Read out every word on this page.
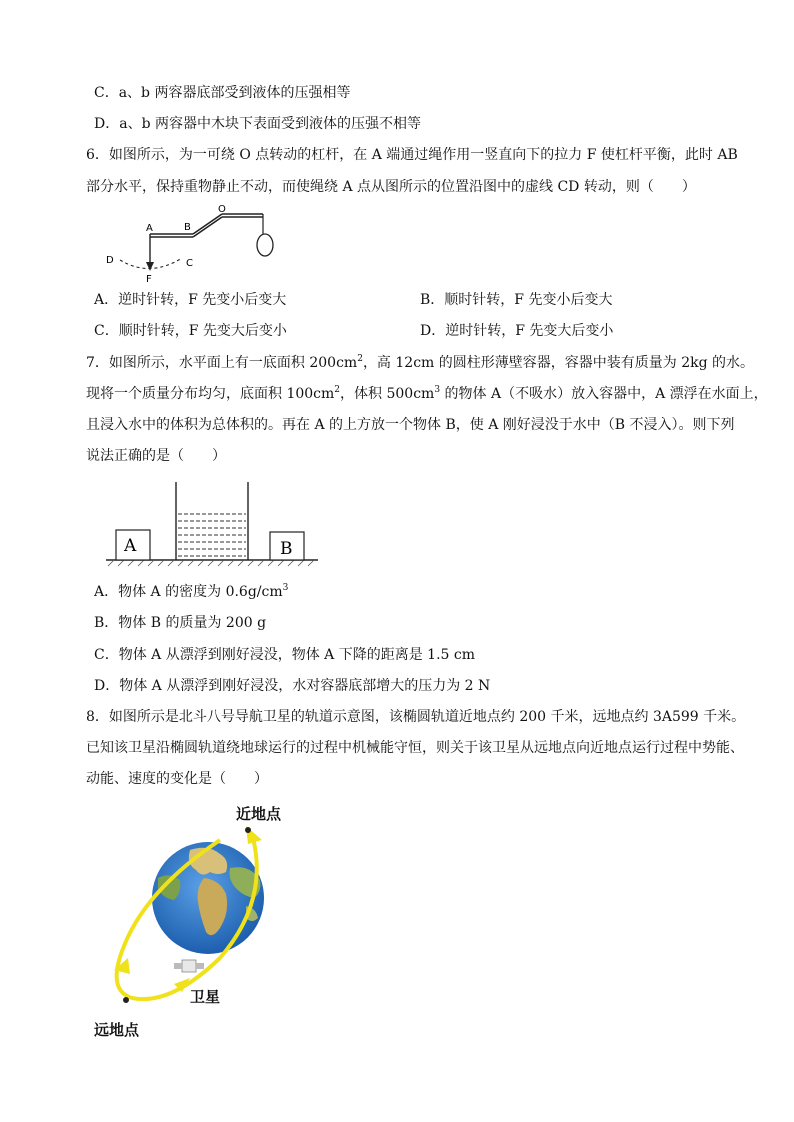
C．a、b 两容器底部受到液体的压强相等
D．a、b 两容器中木块下表面受到液体的压强不相等
6．如图所示，为一可绕 O 点转动的杠杆，在 A 端通过绳作用一竖直向下的拉力 F 使杠杆平衡，此时 AB
部分水平，保持重物静止不动，而使绳绕 A 点从图所示的位置沿图中的虚线 CD 转动，则（　　）
A	B
O
D	C
F
A．逆时针转，F 先变小后变大	B．顺时针转，F 先变小后变大
C．顺时针转，F 先变大后变小	D．逆时针转，F 先变大后变小
7．如图所示，水平面上有一底面积 $200cm^2$，高 12cm 的圆柱形薄壁容器，容器中装有质量为 2kg 的水。
现将一个质量分布均匀，底面积 $100cm^2$，体积 $500cm^3$ 的物体 A（不吸水）放入容器中，A 漂浮在水面上，
且浸入水中的体积为总体积的。再在 A 的上方放一个物体 B，使 A 刚好浸没于水中（B 不浸入）。则下列
说法正确的是（　　）
A	B
A．物体 A 的密度为 $0.6g/cm^3$
B．物体 B 的质量为 200 g
C．物体 A 从漂浮到刚好浸没，物体 A 下降的距离是 1.5 cm
D．物体 A 从漂浮到刚好浸没，水对容器底部增大的压力为 2 N
8．如图所示是北斗八号导航卫星的轨道示意图，该椭圆轨道近地点约 200 千米，远地点约 3A599 千米。
已知该卫星沿椭圆轨道绕地球运行的过程中机械能守恒，则关于该卫星从远地点向近地点运行过程中势能、
动能、速度的变化是（　　）
近地点
卫星
远地点
